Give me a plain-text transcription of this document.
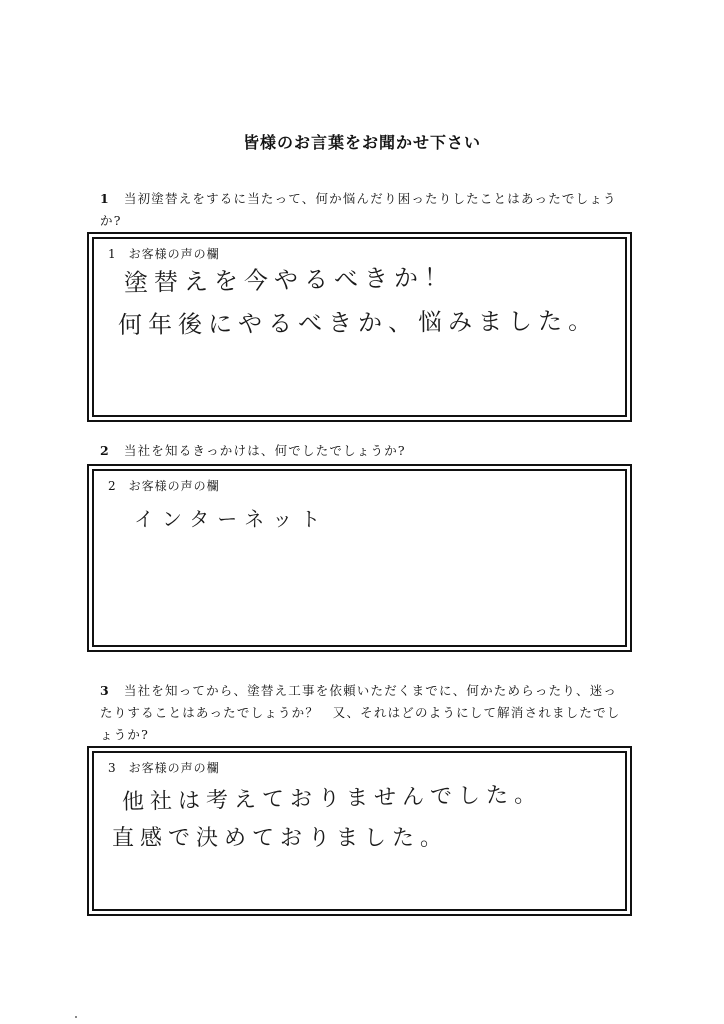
皆様のお言葉をお聞かせ下さい
1 当初塗替えをするに当たって、何か悩んだり困ったりしたことはあったでしょうか?
1 お客様の声の欄
塗替えを今やるべきか！
何年後にやるべきか、悩みました。
2 当社を知るきっかけは、何でしたでしょうか?
2 お客様の声の欄
インターネット
3 当社を知ってから、塗替え工事を依頼いただくまでに、何かためらったり、迷ったりすることはあったでしょうか？　又、それはどのようにして解消されましたでしょうか?
3 お客様の声の欄
他社は考えておりませんでした。
直感で決めておりました。
